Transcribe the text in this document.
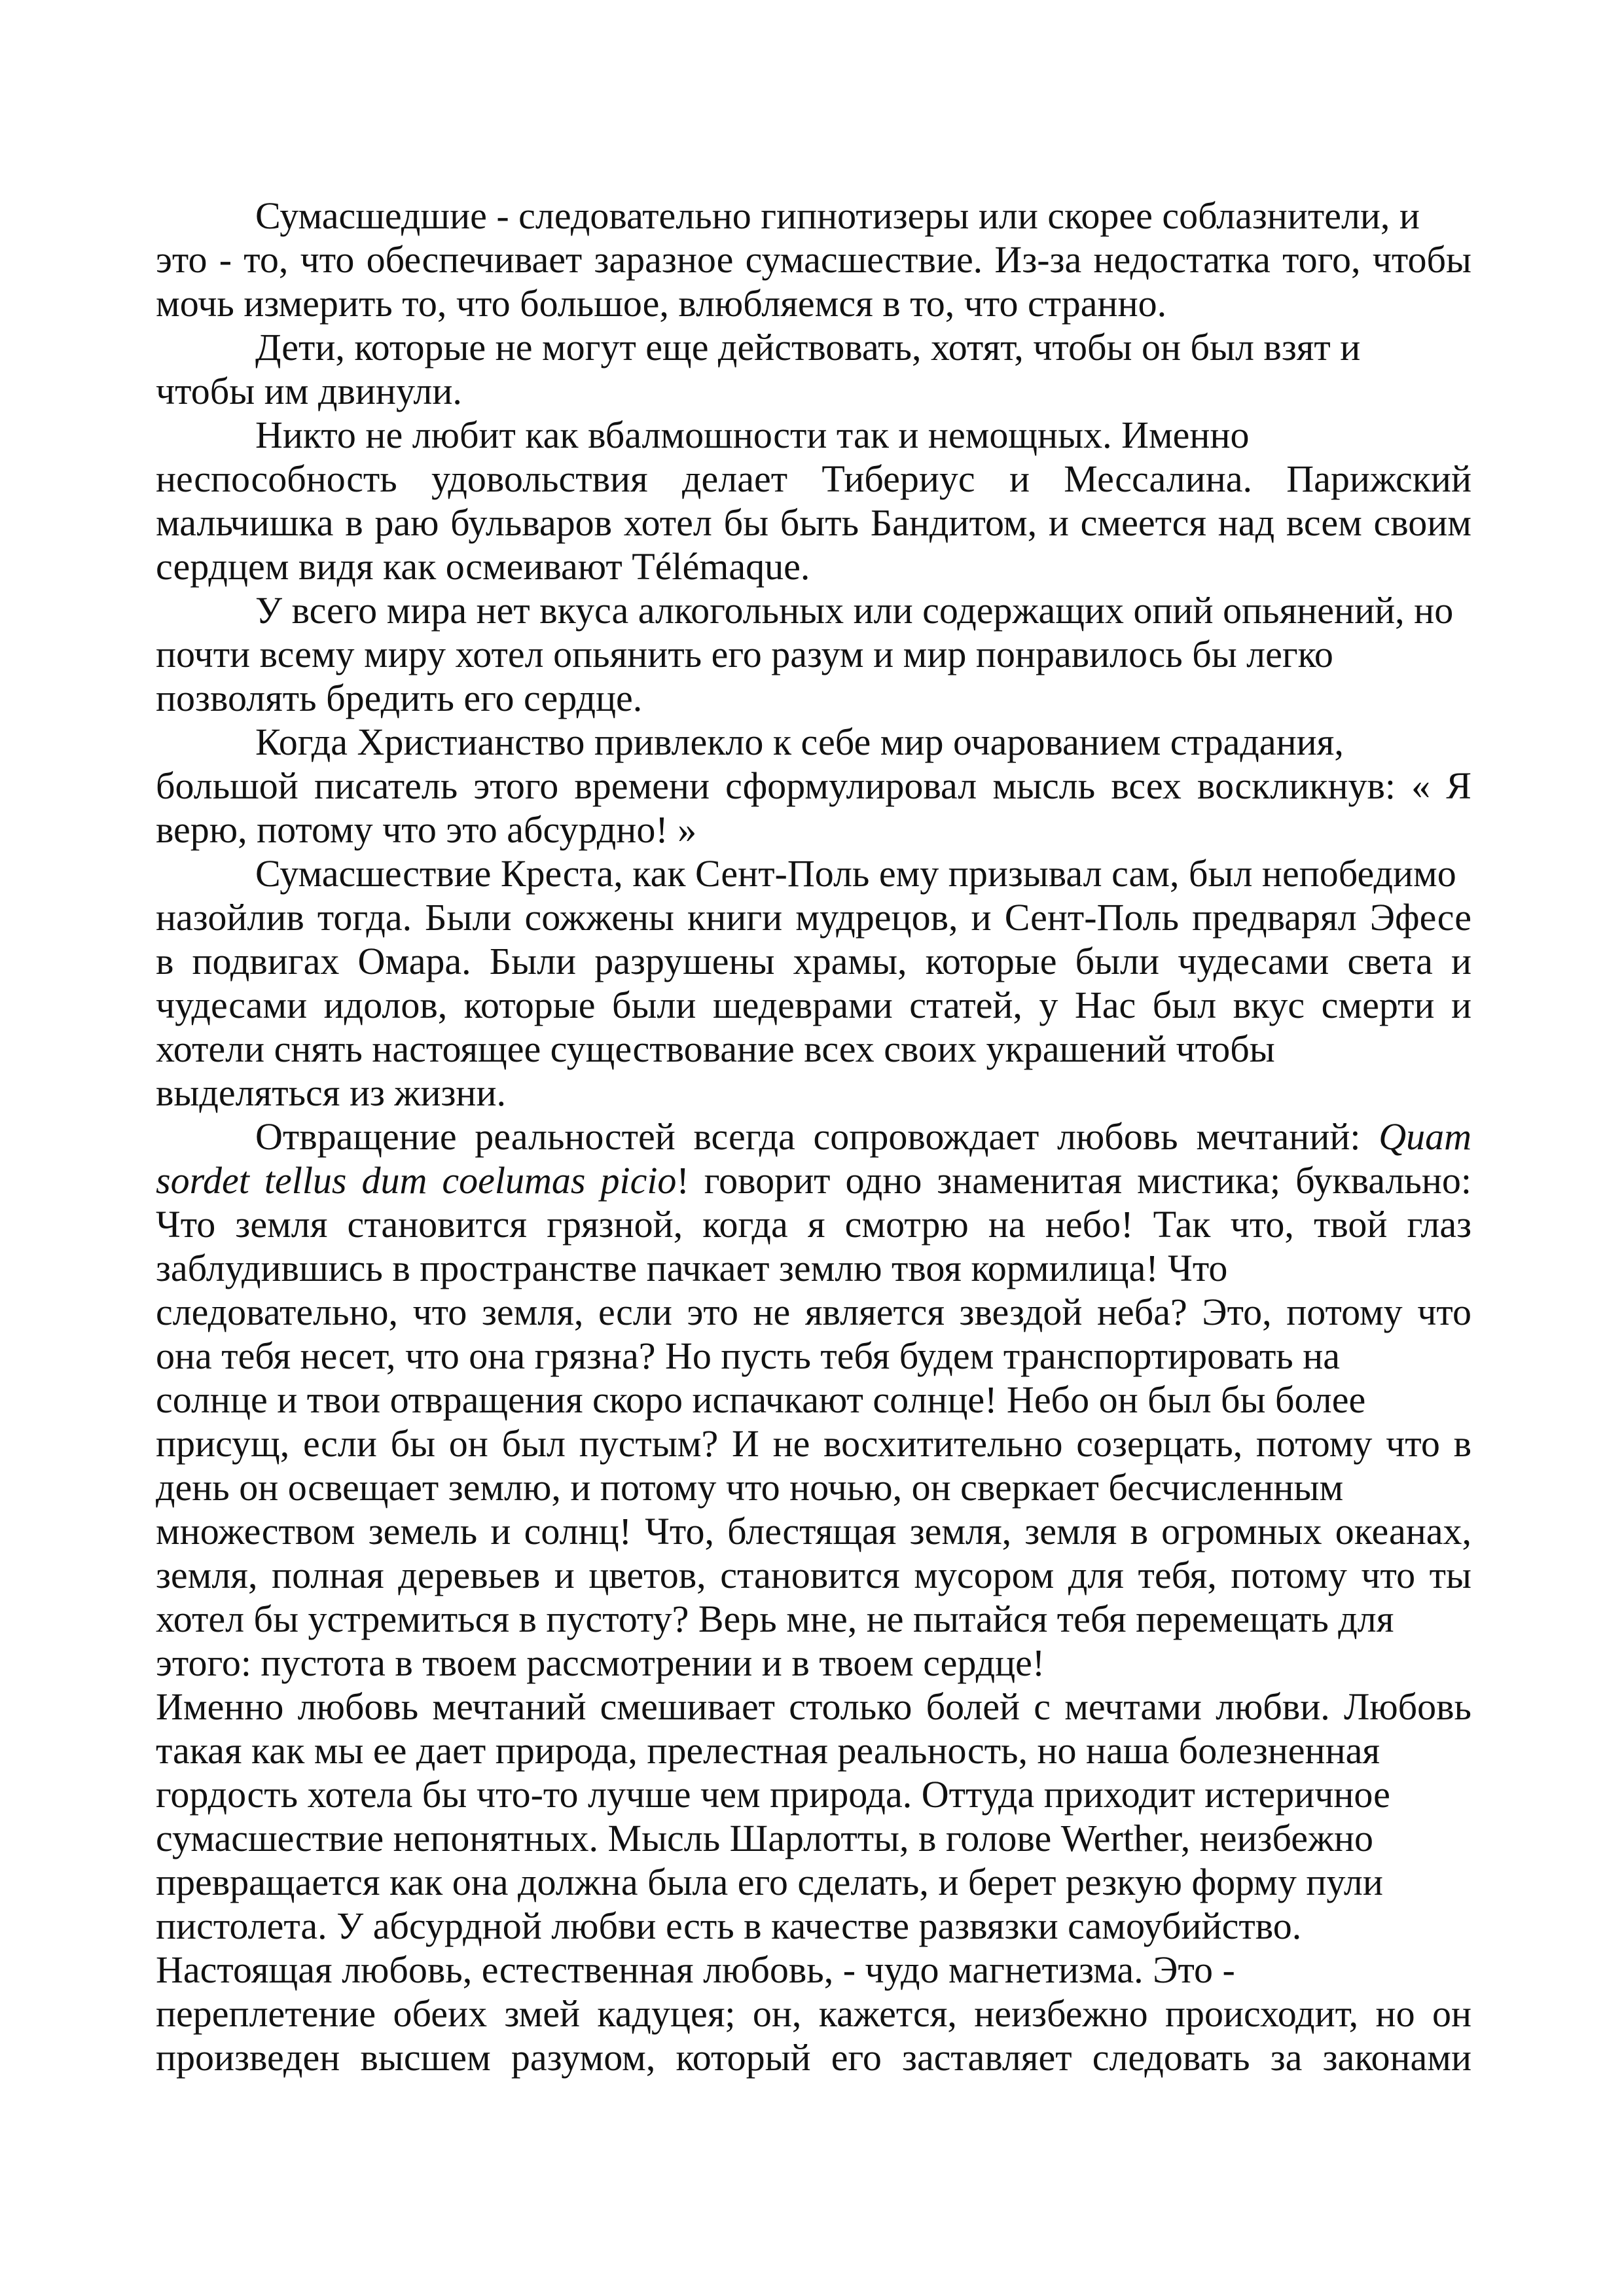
Сумасшедшие - следовательно гипнотизеры или скорее соблазнители, и
это - то, что обеспечивает заразное сумасшествие. Из-за недостатка того, чтобы
мочь измерить то, что большое, влюбляемся в то, что странно.
Дети, которые не могут еще действовать, хотят, чтобы он был взят и
чтобы им двинули.
Никто не любит как вбалмошности так и немощных. Именно
неспособность удовольствия делает Тибериус и Мессалина. Парижский
мальчишка в раю бульваров хотел бы быть Бандитом, и смеется над всем своим
сердцем видя как осмеивают Télémaque.
У всего мира нет вкуса алкогольных или содержащих опий опьянений, но
почти всему миру хотел опьянить его разум и мир понравилось бы легко
позволять бредить его сердце.
Когда Христианство привлекло к себе мир очарованием страдания,
большой писатель этого времени сформулировал мысль всех воскликнув: « Я
верю, потому что это абсурдно! »
Сумасшествие Креста, как Сент-Поль ему призывал сам, был непобедимо
назойлив тогда. Были сожжены книги мудрецов, и Сент-Поль предварял Эфесе
в подвигах Омара. Были разрушены храмы, которые были чудесами света и
чудесами идолов, которые были шедеврами статей, у Нас был вкус смерти и
хотели снять настоящее существование всех своих украшений чтобы
выделяться из жизни.
Отвращение реальностей всегда сопровождает любовь мечтаний: Quam
sordet tellus dum coelumas picio! говорит одно знаменитая мистика; буквально:
Что земля становится грязной, когда я смотрю на небо! Так что, твой глаз
заблудившись в пространстве пачкает землю твоя кормилица! Что
следовательно, что земля, если это не является звездой неба? Это, потому что
она тебя несет, что она грязна? Но пусть тебя будем транспортировать на
солнце и твои отвращения скоро испачкают солнце! Небо он был бы более
присущ, если бы он был пустым? И не восхитительно созерцать, потому что в
день он освещает землю, и потому что ночью, он сверкает бесчисленным
множеством земель и солнц! Что, блестящая земля, земля в огромных океанах,
земля, полная деревьев и цветов, становится мусором для тебя, потому что ты
хотел бы устремиться в пустоту? Верь мне, не пытайся тебя перемещать для
этого: пустота в твоем рассмотрении и в твоем сердце!
Именно любовь мечтаний смешивает столько болей с мечтами любви. Любовь
такая как мы ее дает природа, прелестная реальность, но наша болезненная
гордость хотела бы что-то лучше чем природа. Оттуда приходит истеричное
сумасшествие непонятных. Мысль Шарлотты, в голове Werther, неизбежно
превращается как она должна была его сделать, и берет резкую форму пули
пистолета. У абсурдной любви есть в качестве развязки самоубийство.
Настоящая любовь, естественная любовь, - чудо магнетизма. Это -
переплетение обеих змей кадуцея; он, кажется, неизбежно происходит, но он
произведен высшем разумом, который его заставляет следовать за законами
